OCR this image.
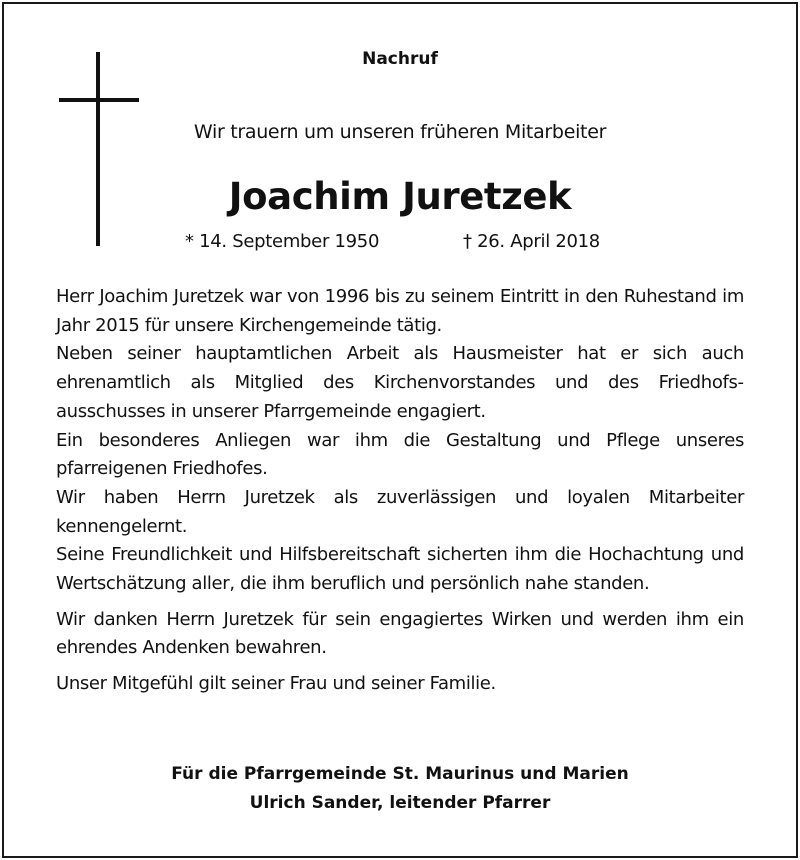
Nachruf
Wir trauern um unseren früheren Mitarbeiter
Joachim Juretzek
* 14. September 1950	† 26. April 2018

Herr Joachim Juretzek war von 1996 bis zu seinem Eintritt in den Ruhestand im Jahr 2015 für unsere Kirchengemeinde tätig.

Neben seiner hauptamtlichen Arbeit als Hausmeister hat er sich auch ehrenamtlich als Mitglied des Kirchenvorstandes und des Friedhofsausschusses in unserer Pfarrgemeinde engagiert.

Ein besonderes Anliegen war ihm die Gestaltung und Pflege unseres pfarreigenen Friedhofes.

Wir haben Herrn Juretzek als zuverlässigen und loyalen Mitarbeiter kennengelernt.

Seine Freundlichkeit und Hilfsbereitschaft sicherten ihm die Hochachtung und Wertschätzung aller, die ihm beruflich und persönlich nahe standen.

Wir danken Herrn Juretzek für sein engagiertes Wirken und werden ihm ein ehrendes Andenken bewahren.

Unser Mitgefühl gilt seiner Frau und seiner Familie.

Für die Pfarrgemeinde St. Maurinus und Marien
Ulrich Sander, leitender Pfarrer
